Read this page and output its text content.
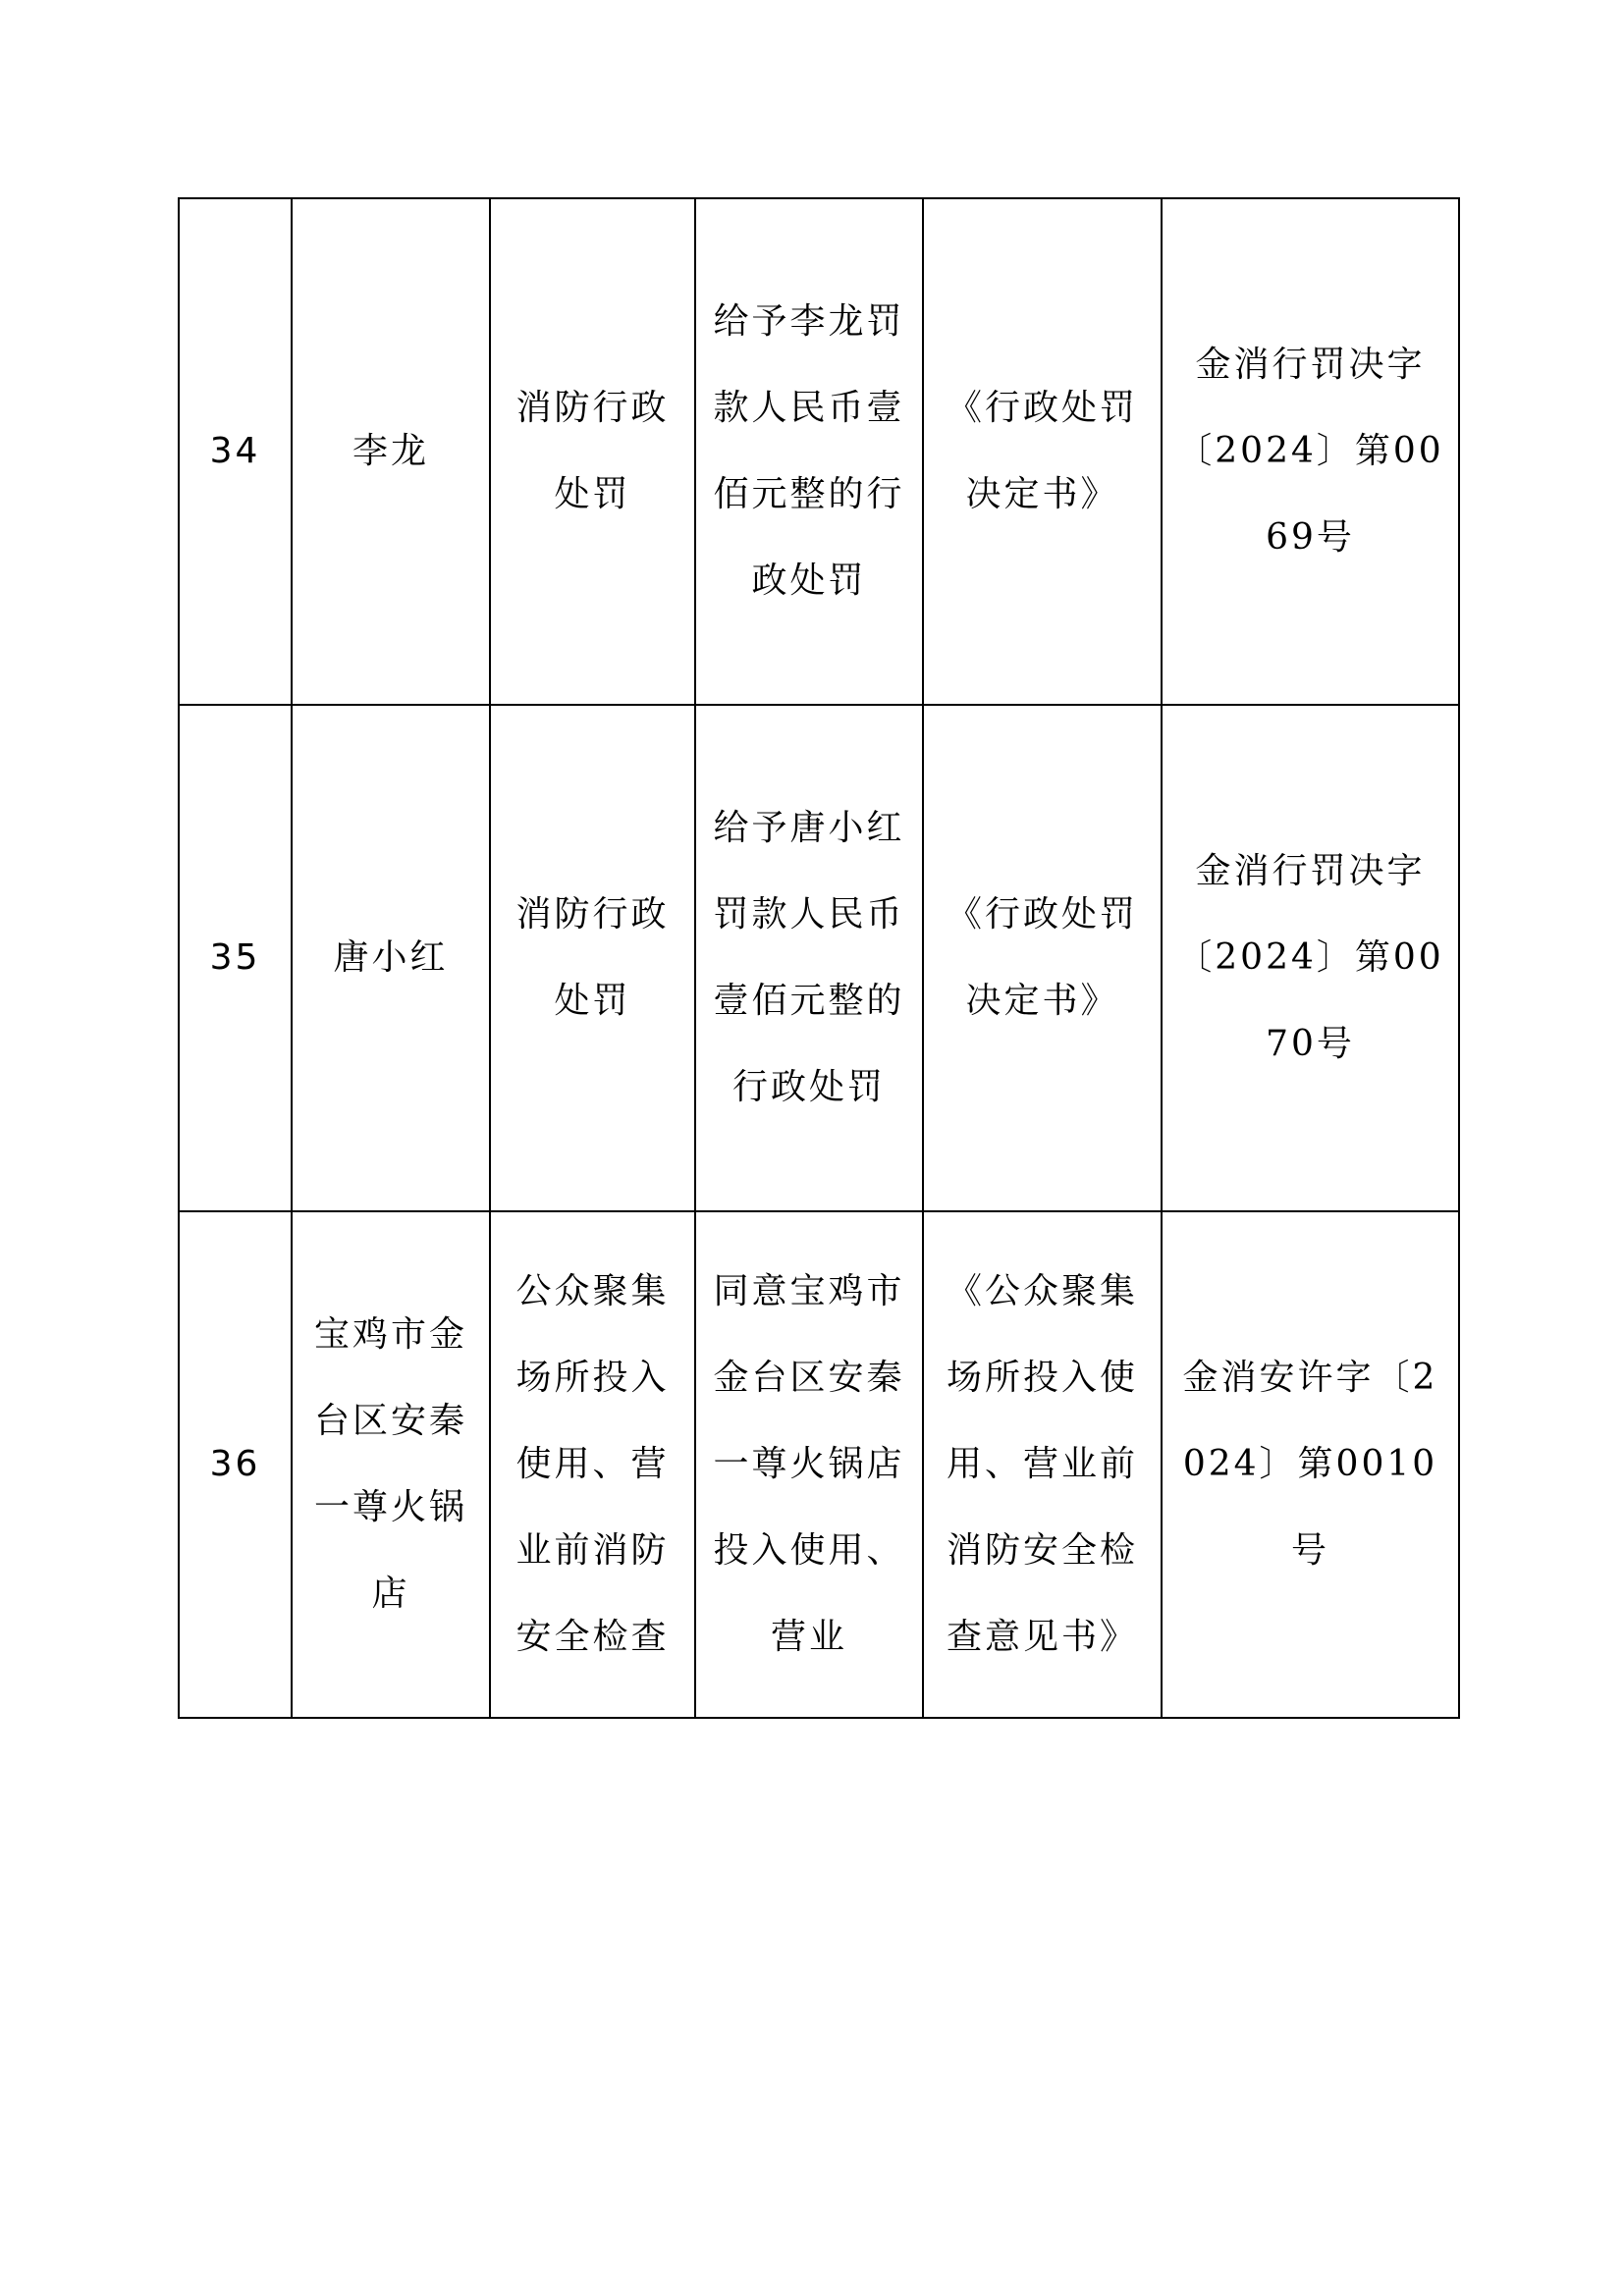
34	李龙	消防行政处罚	给予李龙罚款人民币壹佰元整的行政处罚	《行政处罚决定书》	金消行罚决字〔2024〕第0069号
35	唐小红	消防行政处罚	给予唐小红罚款人民币壹佰元整的行政处罚	《行政处罚决定书》	金消行罚决字〔2024〕第0070号
36	宝鸡市金台区安秦一尊火锅店	公众聚集场所投入使用、营业前消防安全检查	同意宝鸡市金台区安秦一尊火锅店投入使用、营业	《公众聚集场所投入使用、营业前消防安全检查意见书》	金消安许字〔2024〕第0010号
